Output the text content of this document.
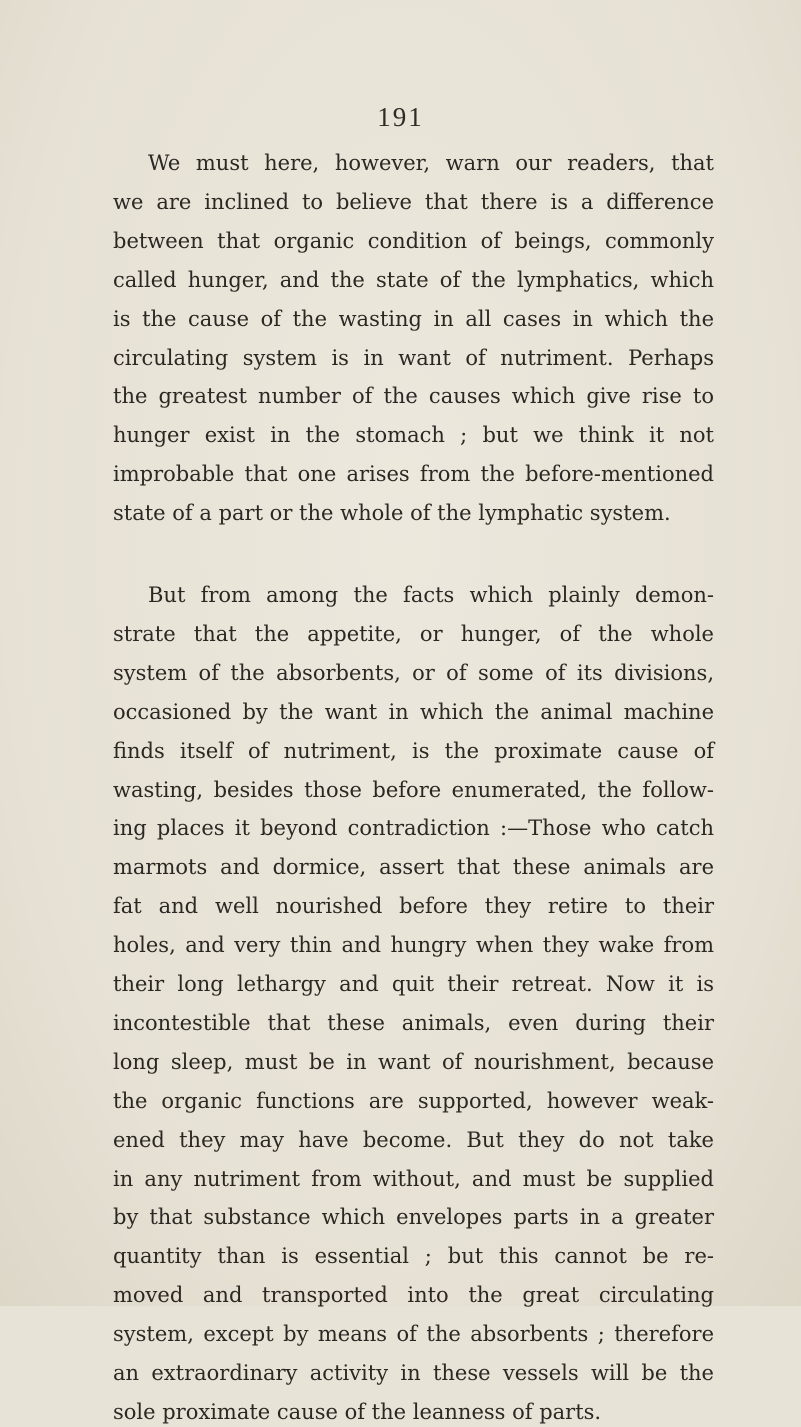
191
We must here, however, warn our readers, that
we are inclined to believe that there is a difference
between that organic condition of beings, commonly
called hunger, and the state of the lymphatics, which
is the cause of the wasting in all cases in which the
circulating system is in want of nutriment. Perhaps
the greatest number of the causes which give rise to
hunger exist in the stomach ; but we think it not
improbable that one arises from the before-mentioned
state of a part or the whole of the lymphatic system.
But from among the facts which plainly demon-
strate that the appetite, or hunger, of the whole
system of the absorbents, or of some of its divisions,
occasioned by the want in which the animal machine
finds itself of nutriment, is the proximate cause of
wasting, besides those before enumerated, the follow-
ing places it beyond contradiction :—Those who catch
marmots and dormice, assert that these animals are
fat and well nourished before they retire to their
holes, and very thin and hungry when they wake from
their long lethargy and quit their retreat. Now it is
incontestible that these animals, even during their
long sleep, must be in want of nourishment, because
the organic functions are supported, however weak-
ened they may have become. But they do not take
in any nutriment from without, and must be supplied
by that substance which envelopes parts in a greater
quantity than is essential ; but this cannot be re-
moved and transported into the great circulating
system, except by means of the absorbents ; therefore
an extraordinary activity in these vessels will be the
sole proximate cause of the leanness of parts.
